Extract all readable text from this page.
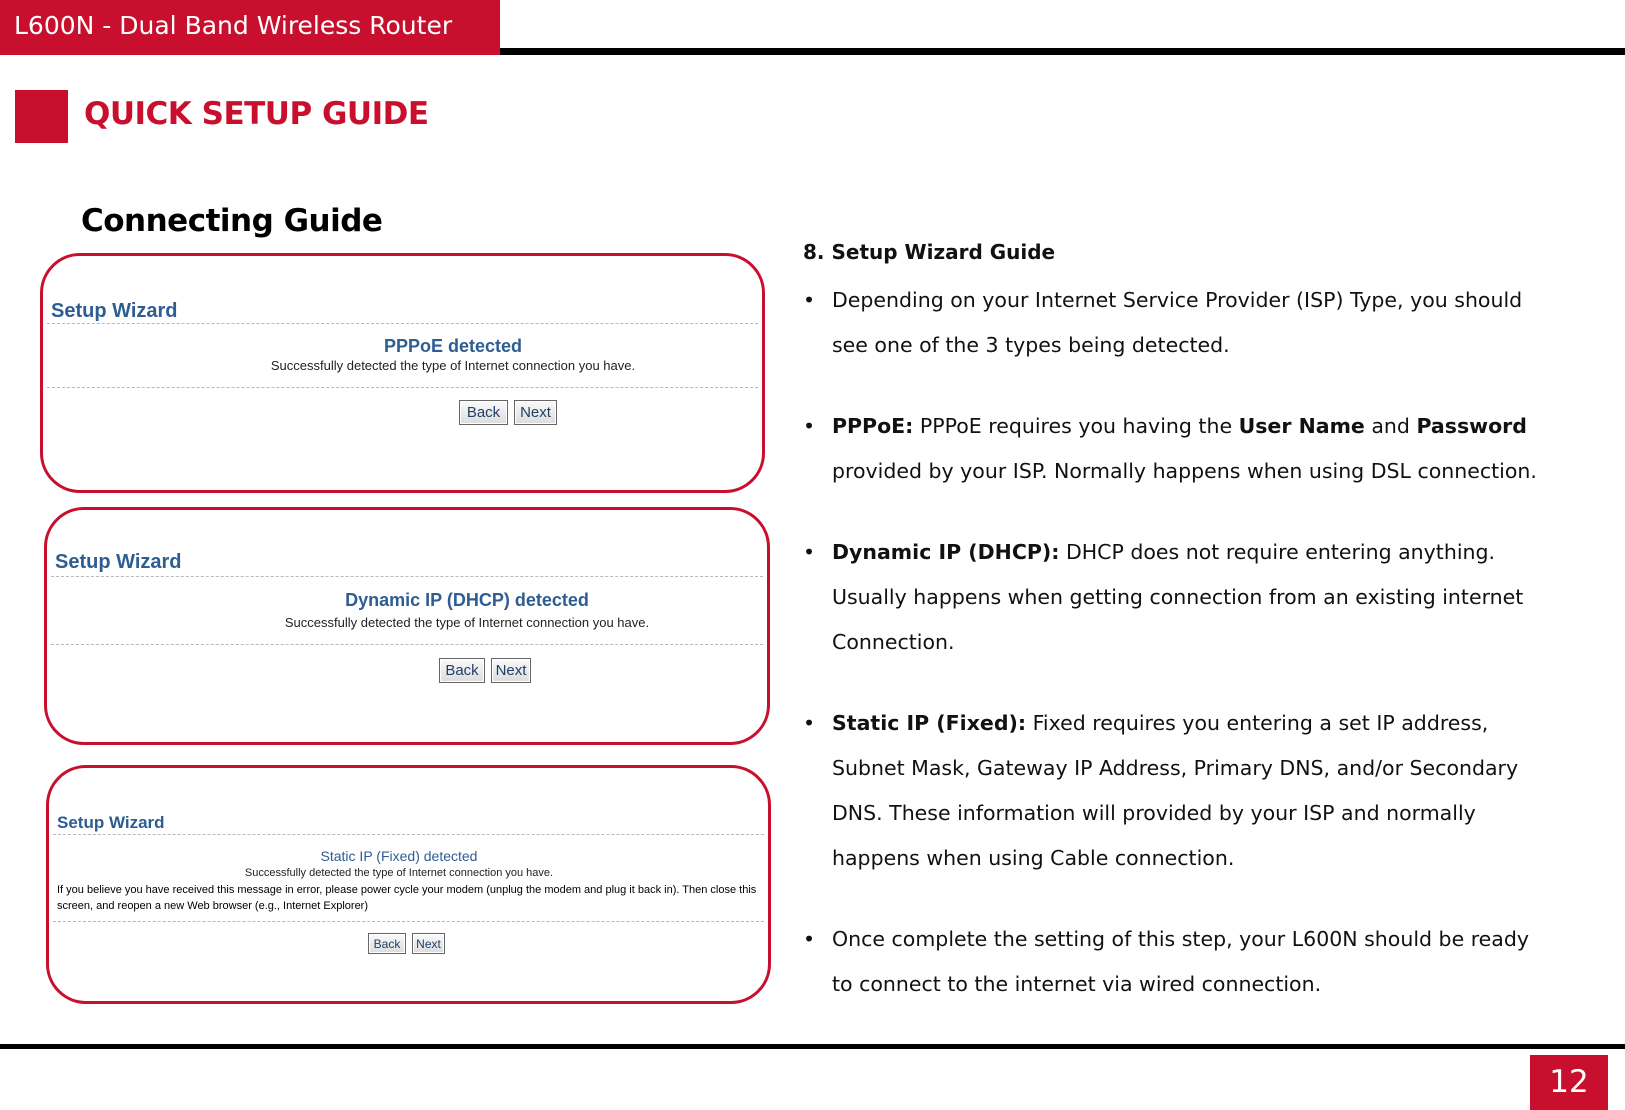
L600N - Dual Band Wireless Router
QUICK SETUP GUIDE
Connecting Guide
Setup Wizard
PPPoE detected
Successfully detected the type of Internet connection you have.
Back	Next
Setup Wizard
Dynamic IP (DHCP) detected
Successfully detected the type of Internet connection you have.
Back	Next
Setup Wizard
Static IP (Fixed) detected
Successfully detected the type of Internet connection you have.
If you believe you have received this message in error, please power cycle your modem (unplug the modem and plug it back in). Then close this screen, and reopen a new Web browser (e.g., Internet Explorer)
Back	Next
8. Setup Wizard Guide
• Depending on your Internet Service Provider (ISP) Type, you should see one of the 3 types being detected.
• PPPoE: PPPoE requires you having the User Name and Password provided by your ISP. Normally happens when using DSL connection.
• Dynamic IP (DHCP): DHCP does not require entering anything. Usually happens when getting connection from an existing internet Connection.
• Static IP (Fixed): Fixed requires you entering a set IP address, Subnet Mask, Gateway IP Address, Primary DNS, and/or Secondary DNS. These information will provided by your ISP and normally happens when using Cable connection.
• Once complete the setting of this step, your L600N should be ready to connect to the internet via wired connection.
12
